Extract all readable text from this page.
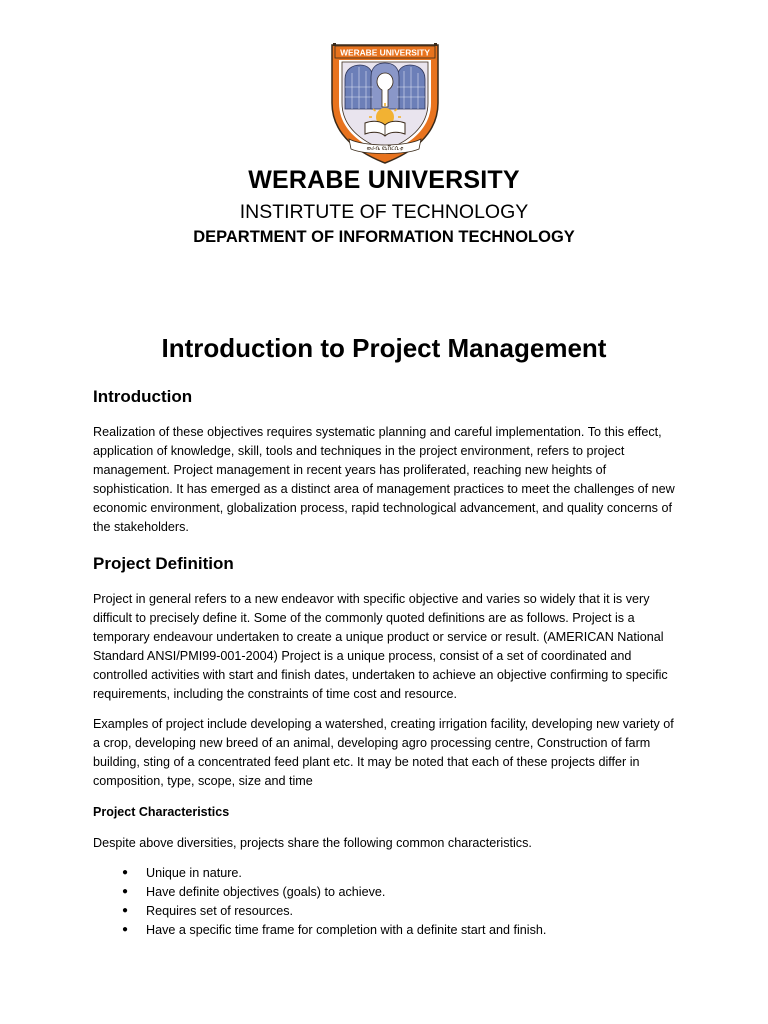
WERABE UNIVERSITY
ወራቤ ዩኒቨርሲቲ
WERABE UNIVERSITY
INSTIRTUTE OF TECHNOLOGY
DEPARTMENT OF INFORMATION TECHNOLOGY
Introduction to Project Management
Introduction

Realization of these objectives requires systematic planning and careful implementation. To this effect, application of knowledge, skill, tools and techniques in the project environment, refers to project management. Project management in recent years has proliferated, reaching new heights of sophistication. It has emerged as a distinct area of management practices to meet the challenges of new economic environment, globalization process, rapid technological advancement, and quality concerns of the stakeholders.

Project Definition

Project in general refers to a new endeavor with specific objective and varies so widely that it is very difficult to precisely define it. Some of the commonly quoted definitions are as follows. Project is a temporary endeavour undertaken to create a unique product or service or result. (AMERICAN National Standard ANSI/PMI99-001-2004) Project is a unique process, consist of a set of coordinated and controlled activities with start and finish dates, undertaken to achieve an objective confirming to specific requirements, including the constraints of time cost and resource.

Examples of project include developing a watershed, creating irrigation facility, developing new variety of a crop, developing new breed of an animal, developing agro processing centre, Construction of farm building, sting of a concentrated feed plant etc. It may be noted that each of these projects differ in composition, type, scope, size and time

Project Characteristics

Despite above diversities, projects share the following common characteristics.

● Unique in nature.
● Have definite objectives (goals) to achieve.
● Requires set of resources.
● Have a specific time frame for completion with a definite start and finish.
